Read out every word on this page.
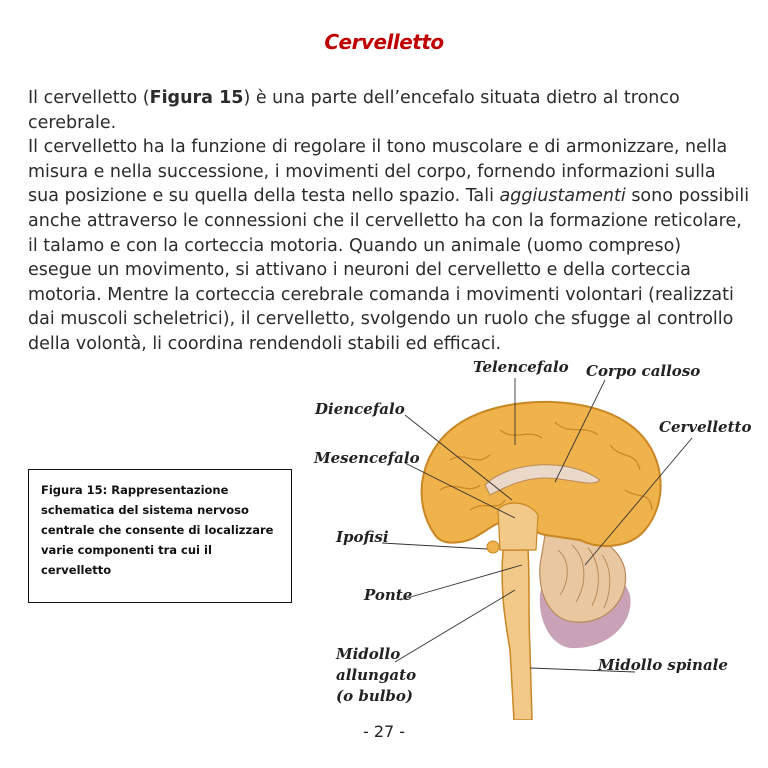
Cervelletto

Il cervelletto (Figura 15) è una parte dell’encefalo situata dietro al tronco cerebrale.

Il cervelletto ha la funzione di regolare il tono muscolare e di armonizzare, nella misura e nella successione, i movimenti del corpo, fornendo informazioni sulla sua posizione e su quella della testa nello spazio. Tali aggiustamenti sono possibili anche attraverso le connessioni che il cervelletto ha con la formazione reticolare, il talamo e con la corteccia motoria. Quando un animale (uomo compreso) esegue un movimento, si attivano i neuroni del cervelletto e della corteccia motoria. Mentre la corteccia cerebrale comanda i movimenti volontari (realizzati dai muscoli scheletrici), il cervelletto, svolgendo un ruolo che sfugge al controllo della volontà, li coordina rendendoli stabili ed efficaci.

Figura 15: Rappresentazione schematica del sistema nervoso centrale che consente di localizzare varie componenti tra cui il cervelletto
Telencefalo Corpo calloso
Diencefalo
Cervelletto
Mesencefalo
Ipofisi
Ponte
Midollo
allungato
(o bulbo)
Midollo spinale
- 27 -
